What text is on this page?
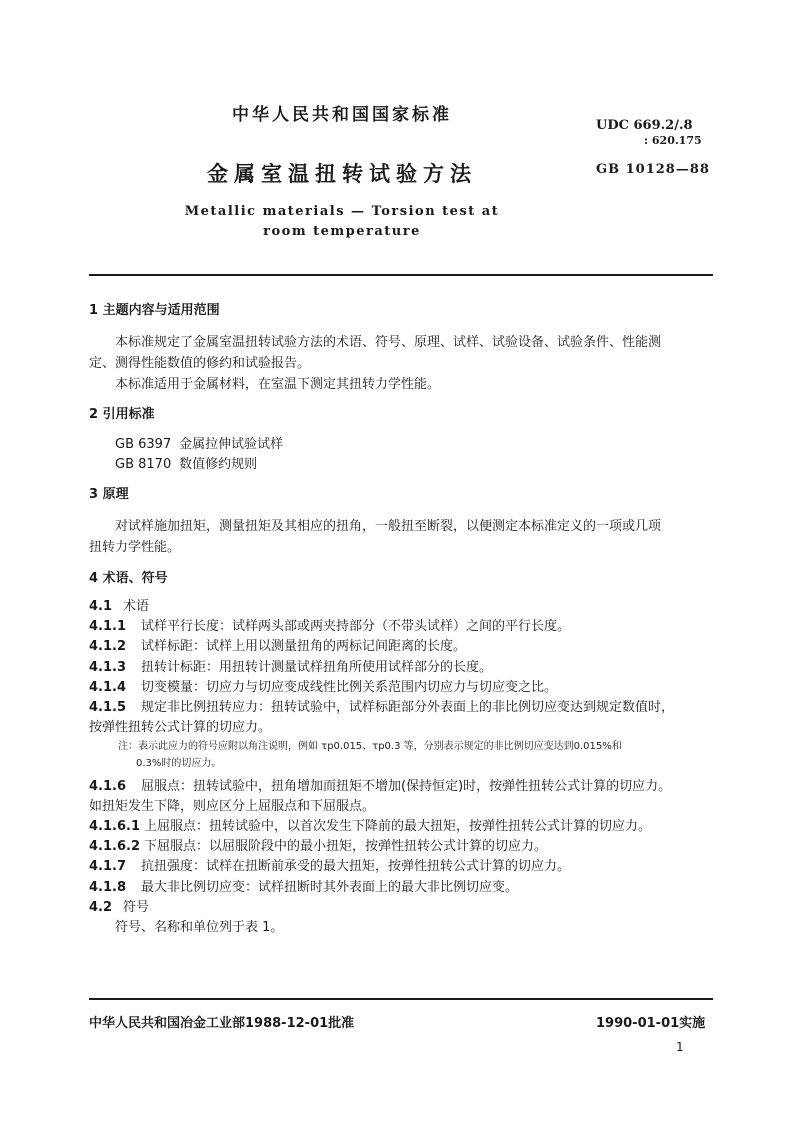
中华人民共和国国家标准
UDC 669.2/.8
: 620.175
GB 10128—88
金属室温扭转试验方法
Metallic materials — Torsion test at
room temperature
1 主题内容与适用范围
本标准规定了金属室温扭转试验方法的术语、符号、原理、试样、试验设备、试验条件、性能测
定、测得性能数值的修约和试验报告。
本标准适用于金属材料，在室温下测定其扭转力学性能。
2 引用标准
GB 6397 金属拉伸试验试样
GB 8170 数值修约规则
3 原理
对试样施加扭矩，测量扭矩及其相应的扭角，一般扭至断裂，以便测定本标准定义的一项或几项
扭转力学性能。
4 术语、符号
4.1 术语
4.1.1 试样平行长度：试样两头部或两夹持部分（不带头试样）之间的平行长度。
4.1.2 试样标距：试样上用以测量扭角的两标记间距离的长度。
4.1.3 扭转计标距：用扭转计测量试样扭角所使用试样部分的长度。
4.1.4 切变模量：切应力与切应变成线性比例关系范围内切应力与切应变之比。
4.1.5 规定非比例扭转应力：扭转试验中，试样标距部分外表面上的非比例切应变达到规定数值时，
按弹性扭转公式计算的切应力。
注：表示此应力的符号应附以角注说明，例如 τp0.015、τp0.3 等，分别表示规定的非比例切应变达到0.015%和
0.3%时的切应力。
4.1.6 屈服点：扭转试验中，扭角增加而扭矩不增加(保持恒定)时，按弹性扭转公式计算的切应力。
如扭矩发生下降，则应区分上屈服点和下屈服点。
4.1.6.1 上屈服点：扭转试验中，以首次发生下降前的最大扭矩，按弹性扭转公式计算的切应力。
4.1.6.2 下屈服点：以屈服阶段中的最小扭矩，按弹性扭转公式计算的切应力。
4.1.7 抗扭强度：试样在扭断前承受的最大扭矩，按弹性扭转公式计算的切应力。
4.1.8 最大非比例切应变：试样扭断时其外表面上的最大非比例切应变。
4.2 符号
符号、名称和单位列于表 1。
中华人民共和国冶金工业部1988-12-01批准	1990-01-01实施
1
